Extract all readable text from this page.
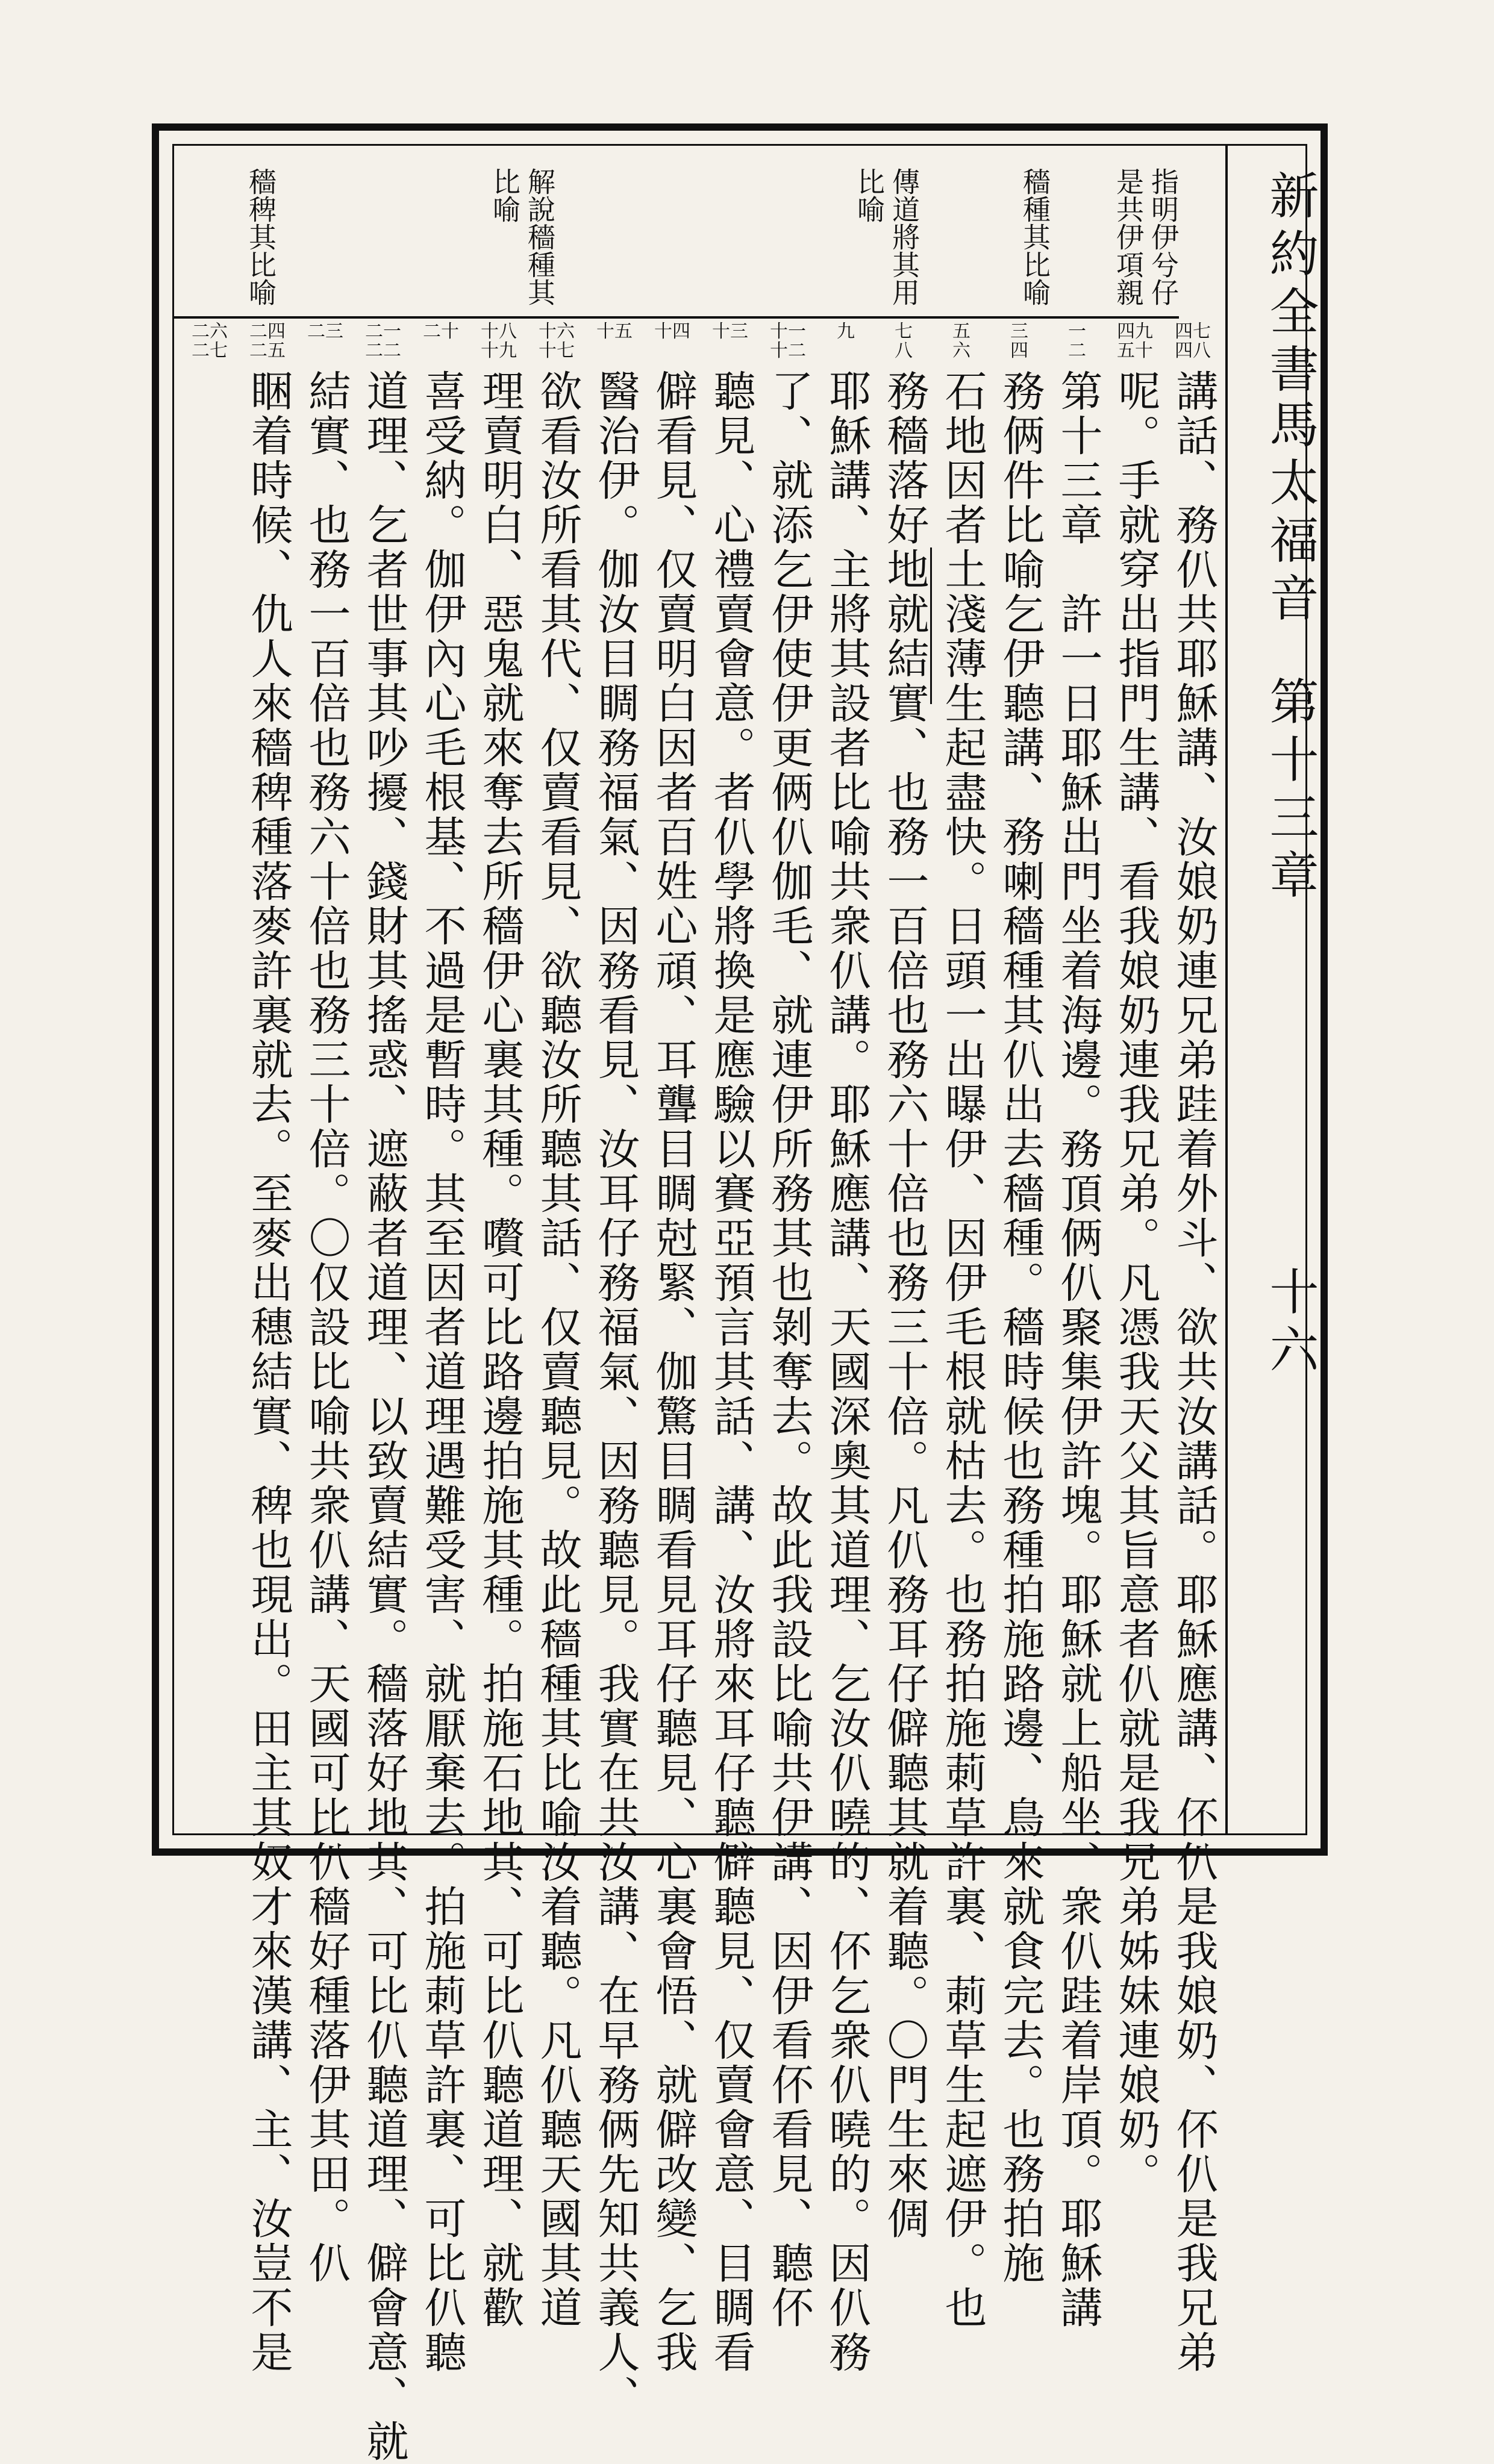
新約全書
馬太福音
第十三章
十六
指明伊兮仔是共伊項親
穡種其比喻
傳道將其用比喻
解說穡種其比喻
穡稗其比喻
四七
四八
講話、務仈共耶穌講、汝娘奶連兄弟跬着外斗、欲共汝講話。耶穌應講、伓仈是我娘奶、伓仈是我兄弟
四九
五十
呢。手就穿出指門生講、看我娘奶連我兄弟。凡憑我天父其旨意者仈就是我兄弟姊妹連娘奶。
一
二
第十三章　許一日耶穌出門坐着海邊。務頂俩仈聚集伊許塊。耶穌就上船坐、衆仈跬着岸頂。耶穌講
三
四
務俩件比喻乞伊聽講、務喇穡種其仈出去穡種。穡時候也務種拍施路邊、鳥來就食完去。也務拍施
五
六
石地因者土淺薄生起盡快。日頭一出曝伊、因伊毛根就枯去。也務拍施莿草許裏、莿草生起遮伊。也
七
八
務穡落好地就結實、也務一百倍也務六十倍也務三十倍。凡仈務耳仔僻聽其就着聽。〇門生來倜
九
耶穌講、主將其設者比喻共衆仈講。耶穌應講、天國深奧其道理、乞汝仈曉的、伓乞衆仈曉的。因仈務
十一
十二
了、就添乞伊使伊更俩仈伽毛、就連伊所務其也剝奪去。故此我設比喻共伊講、因伊看伓看見、聽伓
十三
聽見、心禮賣會意。者仈學將換是應驗以賽亞預言其話、講、汝將來耳仔聽僻聽見、仅賣會意、目睭看
十四
僻看見、仅賣明白因者百姓心頑、耳聾目睭尅緊、伽驚目睭看見耳仔聽見、心裏會悟、就僻改變、乞我
十五
醫治伊。伽汝目睭務福氣、因務看見、汝耳仔務福氣、因務聽見。我實在共汝講、在早務俩先知共義人、
十六
十七
欲看汝所看其代、仅賣看見、欲聽汝所聽其話、仅賣聽見。故此穡種其比喻汝着聽。凡仈聽天國其道
十八
十九
理賣明白、惡鬼就來奪去所穡伊心裏其種。嚽可比路邊拍施其種。拍施石地其、可比仈聽道理、就歡
二十
喜受納。伽伊內心毛根基、不過是暫時。其至因者道理遇難受害、就厭棄去。拍施莿草許裏、可比仈聽
二一
二二
道理、乞者世事其吵擾、錢財其搖惑、遮蔽者道理、以致賣結實。穡落好地其、可比仈聽道理、僻會意、就
二三
結實、也務一百倍也務六十倍也務三十倍。〇仅設比喻共衆仈講、天國可比仈穡好種落伊其田。仈
二四
二五
睏着時候、仇人來穡稗種落麥許裏就去。至麥出穗結實、稗也現出。田主其奴才來漢講、主、汝豈不是
二六
二七
